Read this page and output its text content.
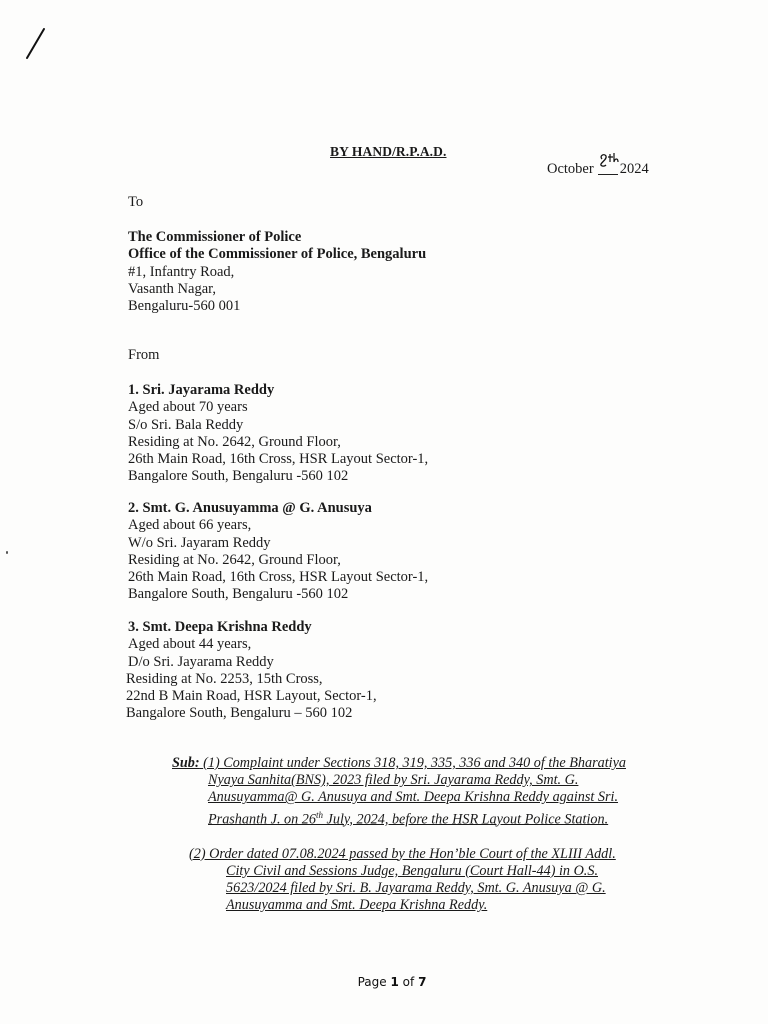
BY HAND/R.P.A.D.
October 2024
To
The Commissioner of Police
Office of the Commissioner of Police, Bengaluru
#1, Infantry Road,
Vasanth Nagar,
Bengaluru-560 001
From
1. Sri. Jayarama Reddy
Aged about 70 years
S/o Sri. Bala Reddy
Residing at No. 2642, Ground Floor,
26th Main Road, 16th Cross, HSR Layout Sector-1,
Bangalore South, Bengaluru -560 102
2. Smt. G. Anusuyamma @ G. Anusuya
Aged about 66 years,
W/o Sri. Jayaram Reddy
Residing at No. 2642, Ground Floor,
26th Main Road, 16th Cross, HSR Layout Sector-1,
Bangalore South, Bengaluru -560 102
3. Smt. Deepa Krishna Reddy
Aged about 44 years,
D/o Sri. Jayarama Reddy
Residing at No. 2253, 15th Cross,
22nd B Main Road, HSR Layout, Sector-1,
Bangalore South, Bengaluru – 560 102
Sub: (1) Complaint under Sections 318, 319, 335, 336 and 340 of the Bharatiya
Nyaya Sanhita(BNS), 2023 filed by Sri. Jayarama Reddy, Smt. G.
Anusuyamma@ G. Anusuya and Smt. Deepa Krishna Reddy against Sri.
Prashanth J. on 26th July, 2024, before the HSR Layout Police Station.
(2) Order dated 07.08.2024 passed by the Hon’ble Court of the XLIII Addl.
City Civil and Sessions Judge, Bengaluru (Court Hall-44) in O.S.
5623/2024 filed by Sri. B. Jayarama Reddy, Smt. G. Anusuya @ G.
Anusuyamma and Smt. Deepa Krishna Reddy.
Page 1 of 7
